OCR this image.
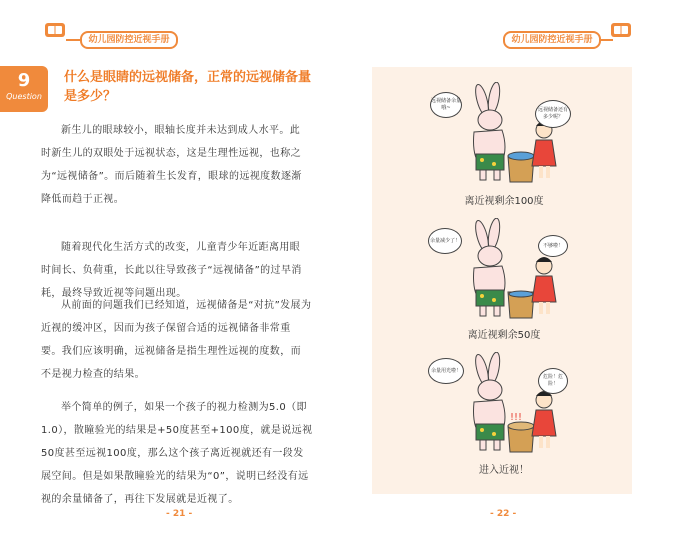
幼儿园防控近视手册	幼儿园防控近视手册
9
Question
什么是眼睛的远视储备，正常的远视储备量
是多少？
新生儿的眼球较小，眼轴长度并未达到成人水平。此
时新生儿的双眼处于远视状态，这是生理性远视，也称之
为“远视储备”。而后随着生长发育，眼球的远视度数逐渐
降低而趋于正视。
随着现代化生活方式的改变，儿童青少年近距离用眼
时间长、负荷重，长此以往导致孩子“远视储备”的过早消
耗，最终导致近视等问题出现。
从前面的问题我们已经知道，远视储备是“对抗”发展为
近视的缓冲区，因而为孩子保留合适的远视储备非常重
要。我们应该明确，远视储备是指生理性远视的度数，而
不是视力检查的结果。
举个简单的例子，如果一个孩子的视力检测为5.0（即
1.0），散瞳验光的结果是+50度甚至+100度，就是说远视
50度甚至远视100度，那么这个孩子离近视就还有一段发
展空间。但是如果散瞳验光的结果为“0”，说明已经没有远
视的余量储备了，再往下发展就是近视了。
远视储备余量哦~	远视储备还有多少呢？
离近视剩余100度
余量减少了！
不够啦！
离近视剩余50度
!!!
余量用光啦！
危险！危险！
进入近视！
- 21 -	- 22 -
